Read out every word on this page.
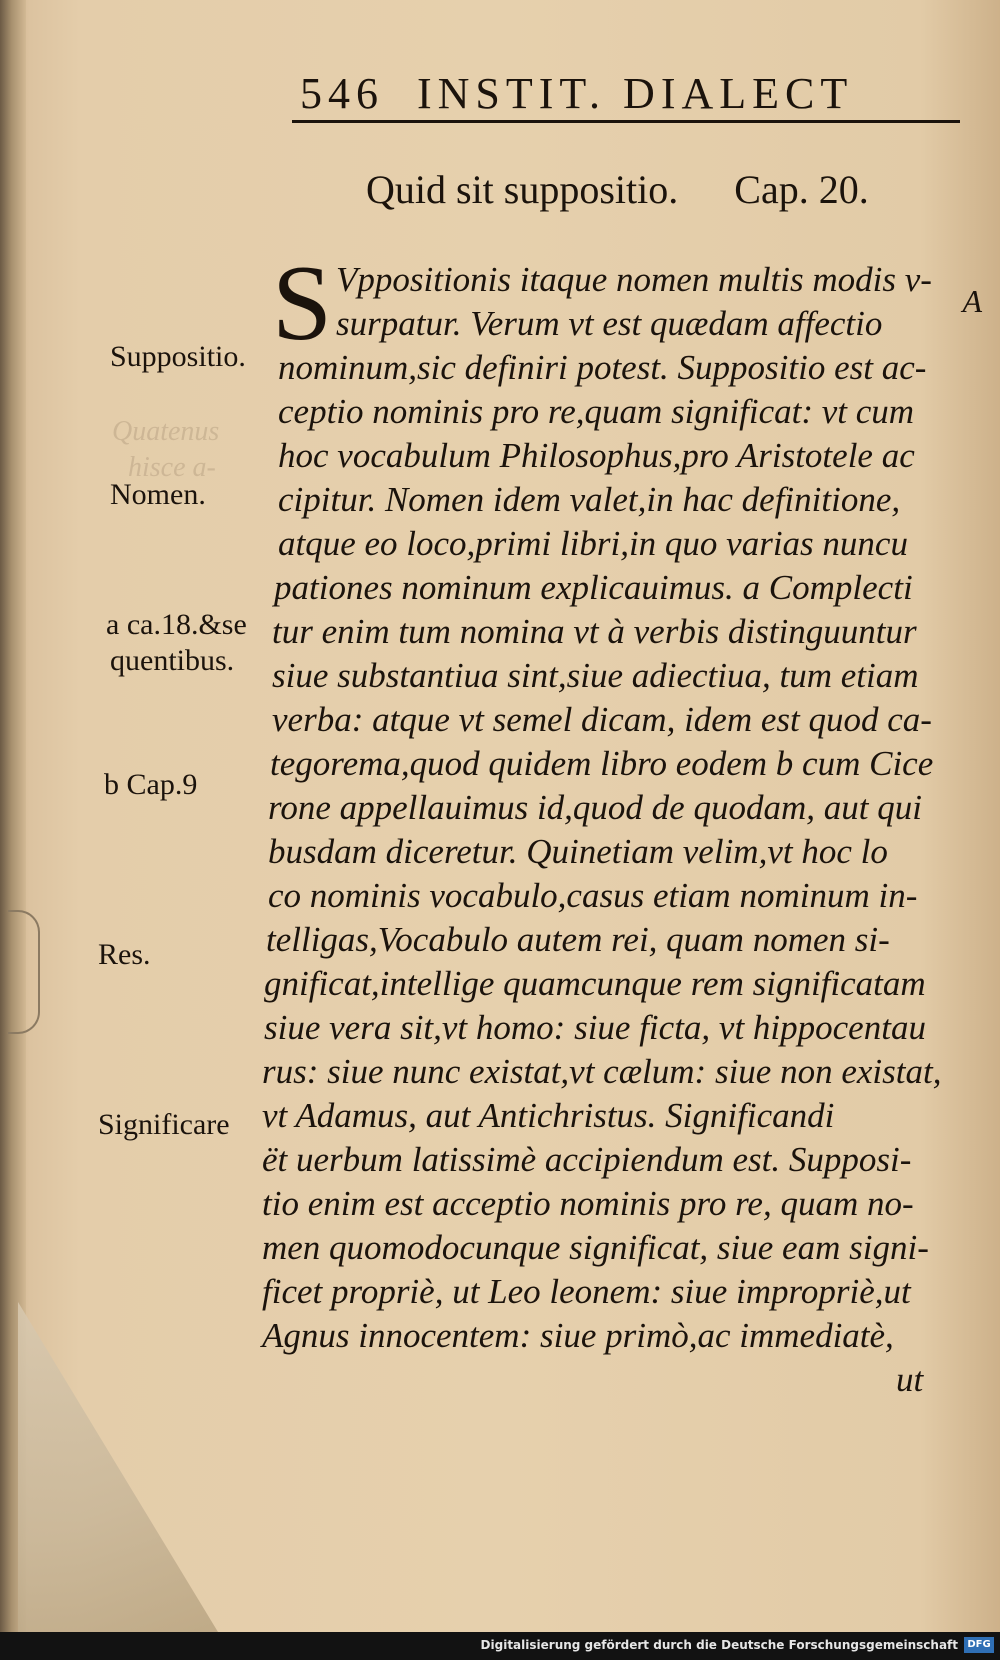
Quatenus
hisce a-
546 INSTIT. DIALECT
Quid sit suppositio. Cap. 20.
S	A
Vppositionis itaque nomen multis modis v-
surpatur. Verum vt est quædam affectio
nominum,sic definiri potest. Suppositio est ac-
ceptio nominis pro re,quam significat: vt cum
hoc vocabulum Philosophus,pro Aristotele ac
cipitur. Nomen idem valet,in hac definitione,
atque eo loco,primi libri,in quo varias nuncu
pationes nominum explicauimus. a Complecti
tur enim tum nomina vt à verbis distinguuntur
siue substantiua sint,siue adiectiua, tum etiam
verba: atque vt semel dicam, idem est quod ca-
tegorema,quod quidem libro eodem b cum Cice
rone appellauimus id,quod de quodam, aut qui
busdam diceretur. Quinetiam velim,vt hoc lo
co nominis vocabulo,casus etiam nominum in-
telligas,Vocabulo autem rei, quam nomen si-
gnificat,intellige quamcunque rem significatam
siue vera sit,vt homo: siue ficta, vt hippocentau
rus: siue nunc existat,vt cælum: siue non existat,
vt Adamus, aut Antichristus. Significandi
ët uerbum latissimè accipiendum est. Supposi-
tio enim est acceptio nominis pro re, quam no-
men quomodocunque significat, siue eam signi-
ficet propriè, ut Leo leonem: siue impropriè,ut
Agnus innocentem: siue primò,ac immediatè,
ut
Suppositio.
Nomen.
a ca.18.&se
quentibus.
b Cap.9
Res.
Significare
Digitalisierung gefördert durch die Deutsche Forschungsgemeinschaft DFG
